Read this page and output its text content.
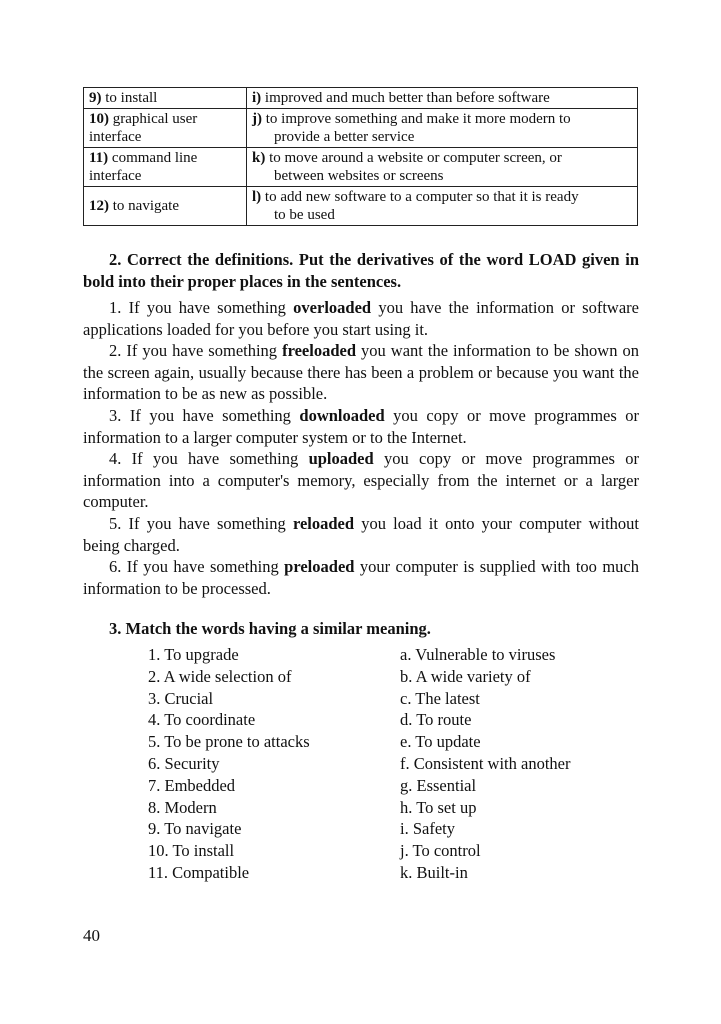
9) to install	i) improved and much better than before software
10) graphical user interface	j) to improve something and make it more modern to
provide a better service

11) command line interface	k) to move around a website or computer screen, or
between websites or screens

12) to navigate	l) to add new software to a computer so that it is ready
to be used
2. Correct the definitions. Put the derivatives of the word LOAD given in bold into their proper places in the sentences.

1. If you have something overloaded you have the information or software applications loaded for you before you start using it.

2. If you have something freeloaded you want the information to be shown on the screen again, usually because there has been a problem or because you want the information to be as new as possible.

3. If you have something downloaded you copy or move programmes or information to a larger computer system or to the Internet.

4. If you have something uploaded you copy or move programmes or information into a computer's memory, especially from the internet or a larger computer.

5. If you have something reloaded you load it onto your computer without being charged.

6. If you have something preloaded your computer is supplied with too much information to be processed.

3. Match the words having a similar meaning.
1. To upgrade	a. Vulnerable to viruses
2. A wide selection of	b. A wide variety of
3. Crucial	c. The latest
4. To coordinate	d. To route
5. To be prone to attacks	e. To update
6. Security	f. Consistent with another
7. Embedded	g. Essential
8. Modern	h. To set up
9. To navigate	i. Safety
10. To install	j. To control
11. Compatible	k. Built-in
40
